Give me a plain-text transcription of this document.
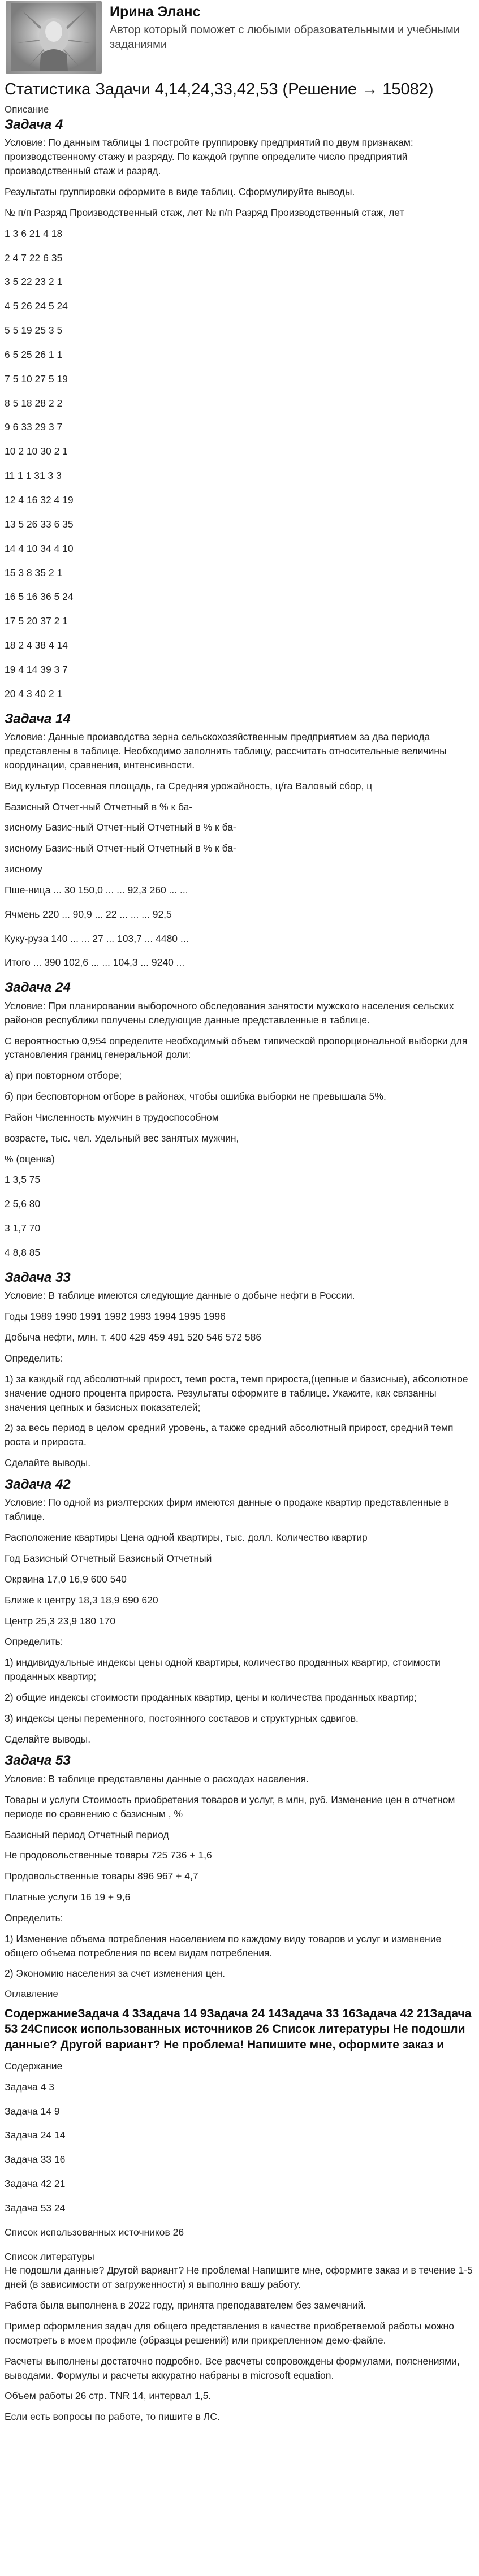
Ирина Эланс
Автор который поможет с любыми образовательными и учебными заданиями
Статистика Задачи 4,14,24,33,42,53 (Решение → 15082)
Описание
Задача 4

Условие: По данным таблицы 1 постройте группировку предприятий по двум признакам: производственному стажу и разряду. По каждой группе определите число предприятий производственный стаж и разряд.

Результаты группировки оформите в виде таблиц. Сформулируйте выводы.

№ п/п Разряд Производственный стаж, лет № п/п Разряд Производственный стаж, лет

1 3 6 21 4 18

2 4 7 22 6 35

3 5 22 23 2 1

4 5 26 24 5 24

5 5 19 25 3 5

6 5 25 26 1 1

7 5 10 27 5 19

8 5 18 28 2 2

9 6 33 29 3 7

10 2 10 30 2 1

11 1 1 31 3 3

12 4 16 32 4 19

13 5 26 33 6 35

14 4 10 34 4 10

15 3 8 35 2 1

16 5 16 36 5 24

17 5 20 37 2 1

18 2 4 38 4 14

19 4 14 39 3 7

20 4 3 40 2 1

Задача 14

Условие: Данные производства зерна сельскохозяйственным предприятием за два периода представлены в таблице. Необходимо заполнить таблицу, рассчитать относительные величины координации, сравнения, интенсивности.

Вид культур Посевная площадь, га Средняя урожайность, ц/га Валовый сбор, ц

Базисный Отчет-ный Отчетный в % к ба-

зисному Базис-ный Отчет-ный Отчетный в % к ба-

зисному Базис-ный Отчет-ный Отчетный в % к ба-

зисному

Пше-ница ... 30 150,0 ... ... 92,3 260 ... ...

Ячмень 220 ... 90,9 ... 22 ... ... ... 92,5

Куку-руза 140 ... ... 27 ... 103,7 ... 4480 ...

Итого ... 390 102,6 ... ... 104,3 ... 9240 ...

Задача 24

Условие: При планировании выборочного обследования занятости мужского населения сельских районов республики получены следующие данные представленные в таблице.

С вероятностью 0,954 определите необходимый объем типической пропорциональной выборки для установления границ генеральной доли:

а) при повторном отборе;

б) при бесповторном отборе в районах, чтобы ошибка выборки не превышала 5%.

Район Численность мужчин в трудоспособном

возрасте, тыс. чел. Удельный вес занятых мужчин,

% (оценка)

1 3,5 75

2 5,6 80

3 1,7 70

4 8,8 85

Задача 33

Условие: В таблице имеются следующие данные о добыче нефти в России.

Годы 1989 1990 1991 1992 1993 1994 1995 1996

Добыча нефти, млн. т. 400 429 459 491 520 546 572 586

Определить:

1) за каждый год абсолютный прирост, темп роста, темп прироста,(цепные и базисные), абсолютное значение одного процента прироста. Результаты оформите в таблице. Укажите, как связанны значения цепных и базисных показателей;

2) за весь период в целом средний уровень, а также средний абсолютный прирост, средний темп роста и прироста.

Сделайте выводы.

Задача 42

Условие: По одной из риэлтерских фирм имеются данные о продаже квартир представленные в таблице.

Расположение квартиры Цена одной квартиры, тыс. долл. Количество квартир

Год Базисный Отчетный Базисный Отчетный

Окраина 17,0 16,9 600 540

Ближе к центру 18,3 18,9 690 620

Центр 25,3 23,9 180 170

Определить:

1) индивидуальные индексы цены одной квартиры, количество проданных квартир, стоимости проданных квартир;

2) общие индексы стоимости проданных квартир, цены и количества проданных квартир;

3) индексы цены переменного, постоянного составов и структурных сдвигов.

Сделайте выводы.

Задача 53

Условие: В таблице представлены данные о расходах населения.

Товары и услуги Стоимость приобретения товаров и услуг, в млн, руб. Изменение цен в отчетном периоде по сравнению с базисным , %

Базисный период Отчетный период

Не продовольственные товары 725 736 + 1,6

Продовольственные товары 896 967 + 4,7

Платные услуги 16 19 + 9,6

Определить:

1) Изменение объема потребления населением по каждому виду товаров и услуг и изменение общего объема потребления по всем видам потребления.

2) Экономию населения за счет изменения цен.

Оглавление
СодержаниеЗадача 4 3Задача 14 9Задача 24 14Задача 33 16Задача 42 21Задача 53 24Список использованных источников 26 Список литературы Не подошли данные? Другой вариант? Не проблема! Напишите мне, оформите заказ и

Содержание

Задача 4 3

Задача 14 9

Задача 24 14

Задача 33 16

Задача 42 21

Задача 53 24

Список использованных источников 26

Список литературы

Не подошли данные? Другой вариант? Не проблема! Напишите мне, оформите заказ и в течение 1-5 дней (в зависимости от загруженности) я выполню вашу работу.

Работа была выполнена в 2022 году, принята преподавателем без замечаний.

Пример оформления задач для общего представления в качестве приобретаемой работы можно посмотреть в моем профиле (образцы решений) или прикрепленном демо-файле.

Расчеты выполнены достаточно подробно. Все расчеты сопровождены формулами, пояснениями, выводами. Формулы и расчеты аккуратно набраны в microsoft equation.

Объем работы 26 стр. TNR 14, интервал 1,5.

Если есть вопросы по работе, то пишите в ЛС.
